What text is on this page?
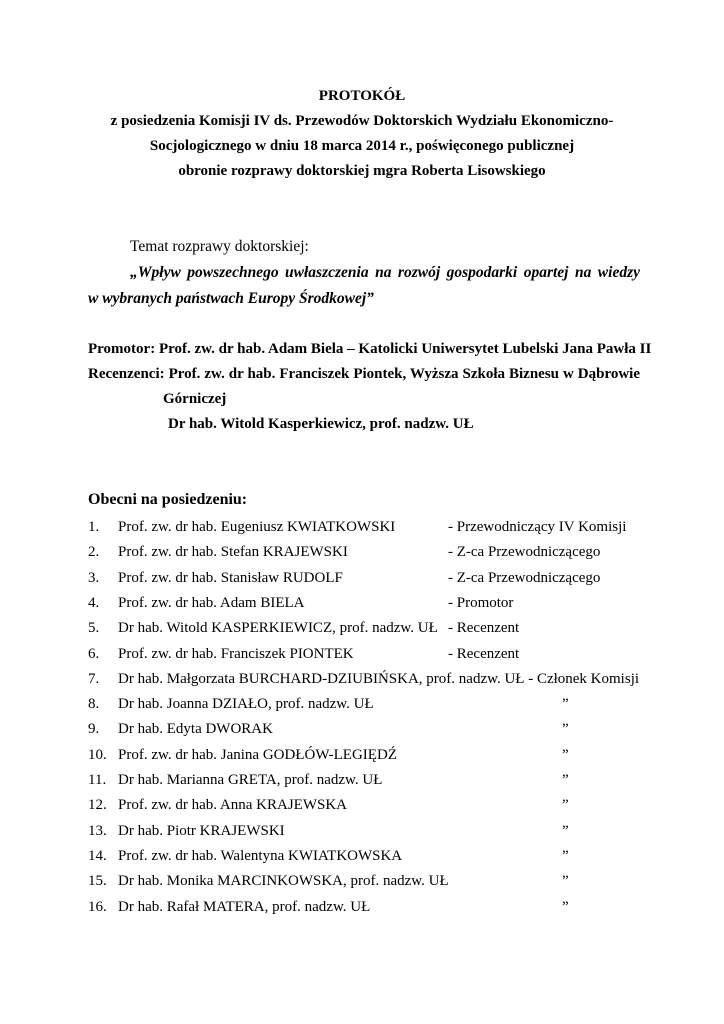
PROTOKÓŁ
z posiedzenia Komisji IV ds. Przewodów Doktorskich Wydziału Ekonomiczno-
Socjologicznego w dniu 18 marca 2014 r., poświęconego publicznej
obronie rozprawy doktorskiej mgra Roberta Lisowskiego
Temat rozprawy doktorskiej:
„Wpływ powszechnego uwłaszczenia na rozwój gospodarki opartej na wiedzy
w wybranych państwach Europy Środkowej”
Promotor: Prof. zw. dr hab. Adam Biela – Katolicki Uniwersytet Lubelski Jana Pawła II
Recenzenci: Prof. zw. dr hab. Franciszek Piontek, Wyższa Szkoła Biznesu w Dąbrowie
Górniczej
Dr hab. Witold Kasperkiewicz, prof. nadzw. UŁ
Obecni na posiedzeniu:
1. Prof. zw. dr hab. Eugeniusz KWIATKOWSKI	- Przewodniczący IV Komisji
2. Prof. zw. dr hab. Stefan KRAJEWSKI	- Z-ca Przewodniczącego
3. Prof. zw. dr hab. Stanisław RUDOLF	- Z-ca Przewodniczącego
4. Prof. zw. dr hab. Adam BIELA	- Promotor
5. Dr hab. Witold KASPERKIEWICZ, prof. nadzw. UŁ - Recenzent
6. Prof. zw. dr hab. Franciszek PIONTEK	- Recenzent
7. Dr hab. Małgorzata BURCHARD-DZIUBIŃSKA, prof. nadzw. UŁ - Członek Komisji
8. Dr hab. Joanna DZIAŁO, prof. nadzw. UŁ	”
9. Dr hab. Edyta DWORAK	”
10. Prof. zw. dr hab. Janina GODŁÓW-LEGIĘDŹ	”
11. Dr hab. Marianna GRETA, prof. nadzw. UŁ	”
12. Prof. zw. dr hab. Anna KRAJEWSKA	”
13. Dr hab. Piotr KRAJEWSKI	”
14. Prof. zw. dr hab. Walentyna KWIATKOWSKA	”
15. Dr hab. Monika MARCINKOWSKA, prof. nadzw. UŁ	”
16. Dr hab. Rafał MATERA, prof. nadzw. UŁ	”
